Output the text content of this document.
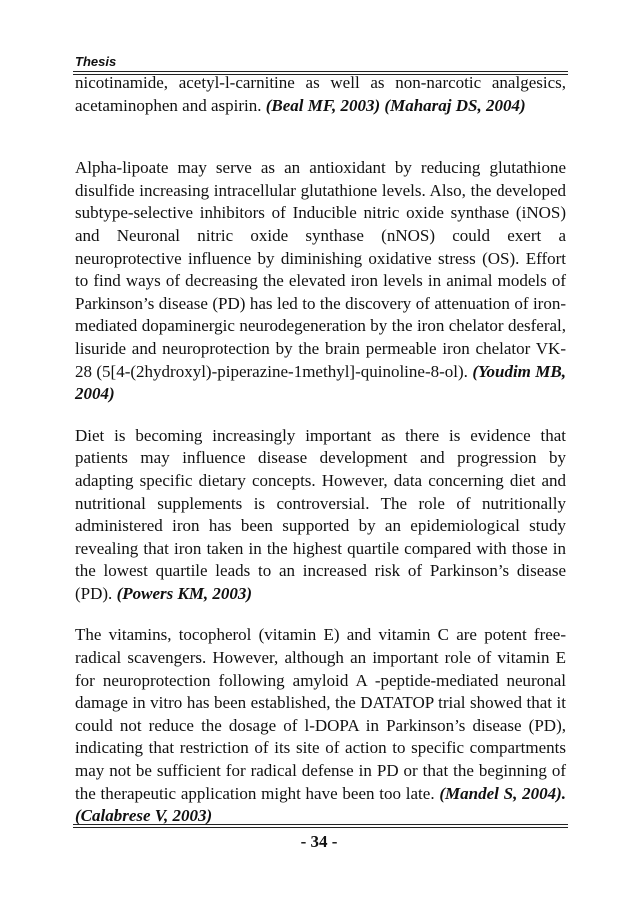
Thesis

nicotinamide, acetyl-l-carnitine as well as non-narcotic analgesics, acetaminophen and aspirin. (Beal MF, 2003) (Maharaj DS, 2004)

Alpha-lipoate may serve as an antioxidant by reducing glutathione disulfide increasing intracellular glutathione levels. Also, the developed subtype-selective inhibitors of Inducible nitric oxide synthase (iNOS) and Neuronal nitric oxide synthase (nNOS) could exert a neuroprotective influence by diminishing oxidative stress (OS). Effort to find ways of decreasing the elevated iron levels in animal models of Parkinson’s disease (PD) has led to the discovery of attenuation of iron-mediated dopaminergic neurodegeneration by the iron chelator desferal, lisuride and neuroprotection by the brain permeable iron chelator VK-28 (5[4-(2hydroxyl)-piperazine-1methyl]-quinoline-8-ol). (Youdim MB, 2004)

Diet is becoming increasingly important as there is evidence that patients may influence disease development and progression by adapting specific dietary concepts. However, data concerning diet and nutritional supplements is controversial. The role of nutritionally administered iron has been supported by an epidemiological study revealing that iron taken in the highest quartile compared with those in the lowest quartile leads to an increased risk of Parkinson’s disease (PD). (Powers KM, 2003)

The vitamins, tocopherol (vitamin E) and vitamin C are potent free-radical scavengers. However, although an important role of vitamin E for neuroprotection following amyloid A -peptide-mediated neuronal damage in vitro has been established, the DATATOP trial showed that it could not reduce the dosage of l-DOPA in Parkinson’s disease (PD), indicating that restriction of its site of action to specific compartments may not be sufficient for radical defense in PD or that the beginning of the therapeutic application might have been too late. (Mandel S, 2004).(Calabrese V, 2003)

- 34 -
